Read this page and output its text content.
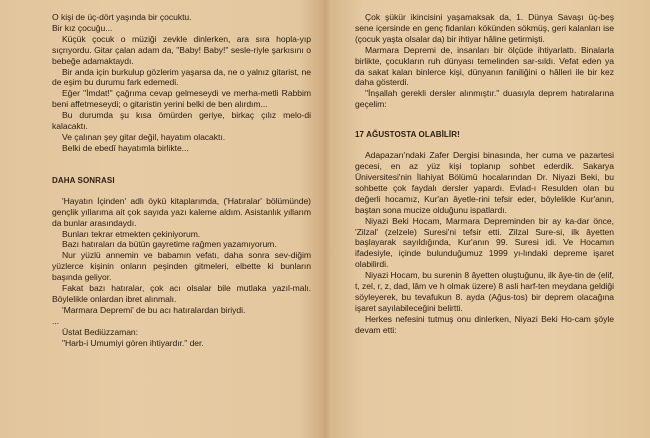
O kişi de üç-dört yaşında bir çocuktu.

Bir kız çocuğu...

Küçük çocuk o müziği zevkle dinlerken, ara sıra hopla-yıp sıçrıyordu. Gitar çalan adam da, "Baby! Baby!" sesle-riyle şarkısını o bebeğe adamaktaydı.

Bir anda için burkulup gözlerim yaşarsa da, ne o yalnız gitarist, ne de eşim bu durumu fark edemedi.

Eğer "İmdat!" çağrıma cevap gelmeseydi ve merha-metli Rabbim beni affetmeseydi; o gitaristin yerini belki de ben alırdım...

Bu durumda şu kısa ömürden geriye, birkaç çılız melo-di kalacaktı.

Ve çalınan şey gitar değil, hayatım olacaktı.

Belki de ebedî hayatımla birlikte...

DAHA SONRASI

'Hayatın İçinden' adlı öykü kitaplarımda, ('Hatıralar' bölümünde) gençlik yıllarıma ait çok sayıda yazı kaleme aldım. Asistanlık yıllarım da bunlar arasındaydı.

Bunları tekrar etmekten çekiniyorum.

Bazı hatıraları da bütün gayretime rağmen yazamıyorum.

Nur yüzlü annemin ve babamın vefatı, daha sonra sev-diğim yüzlerce kişinin onların peşinden gitmeleri, elbette ki bunların başında geliyor.

Fakat bazı hatıralar, çok acı olsalar bile mutlaka yazıl-malı. Böylelikle onlardan ibret alınmalı.

'Marmara Depremi' de bu acı hatıralardan biriydi.

...

Üstat Bediüzzaman:

"Harb-i Umumiyi gören ihtiyardır." der.

Çok şükür ikincisini yaşamaksak da, 1. Dünya Savaşı üç-beş sene içersinde en genç fidanları kökünden sökmüş, geri kalanları ise (çocuk yaşta olsalar da) bir ihtiyar hâline getirmişti.

Marmara Depremi de, insanları bir ölçüde ihtiyarlattı. Binalarla birlikte, çocukların ruh dünyası temelinden sar-sıldı. Vefat eden ya da sakat kalan binlerce kişi, dünyanın faniliğini o hâlleri ile bir kez daha gösterdi.

"İnşallah gerekli dersler alınmıştır." duasıyla deprem hatıralarına geçelim:

17 AĞUSTOSTA OLABİLİR!

Adapazarı'ndaki Zafer Dergisi binasında, her cuma ve pazartesi gecesi, en az yüz kişi toplanıp sohbet ederdik. Sakarya Üniversitesi'nin İlahiyat Bölümü hocalarından Dr. Niyazi Beki, bu sohbette çok faydalı dersler yapardı. Evlad-ı Resulden olan bu değerli hocamız, Kur'an âyetle-rini tefsir eder, böylelikle Kur'anın, baştan sona mucize olduğunu ispatlardı.

Niyazi Beki Hocam, Marmara Depreminden bir ay ka-dar önce, 'Zilzal' (zelzele) Suresi'ni tefsir etti. Zilzal Sure-si, ilk âyetten başlayarak sayıldığında, Kur'anın 99. Suresi idi. Ve Hocamın ifadesiyle, içinde bulunduğumuz 1999 yı-lındaki depreme işaret olabilirdi.

Niyazi Hocam, bu surenin 8 âyetten oluştuğunu, ilk âye-tin de (elif, t, zel, r, z, dad, lâm ve h olmak üzere) 8 asli harf-ten meydana geldiği söyleyerek, bu tevafukun 8. ayda (Ağus-tos) bir deprem olacağına işaret sayılabileceğini belirtti.

Herkes nefesini tutmuş onu dinlerken, Niyazi Beki Ho-cam şöyle devam etti:
